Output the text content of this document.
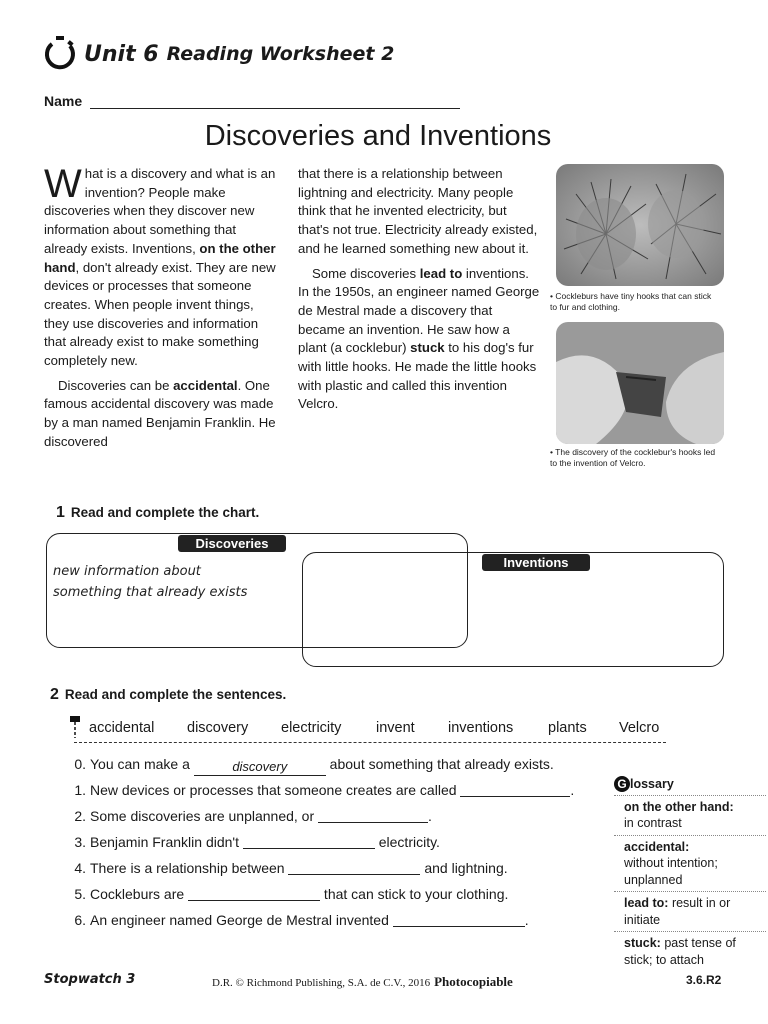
Unit 6 Reading Worksheet 2
Name
Discoveries and Inventions

What is a discovery and what is an invention? People make discoveries when they discover new information about something that already exists. Inventions, on the other hand, don't already exist. They are new devices or processes that someone creates. When people invent things, they use discoveries and information that already exist to make something completely new.

Discoveries can be accidental. One famous accidental discovery was made by a man named Benjamin Franklin. He discovered

that there is a relationship between lightning and electricity. Many people think that he invented electricity, but that's not true. Electricity already existed, and he learned something new about it.

Some discoveries lead to inventions. In the 1950s, an engineer named George de Mestral made a discovery that became an invention. He saw how a plant (a cocklebur) stuck to his dog's fur with little hooks. He made the little hooks with plastic and called this invention Velcro.

• Cockleburs have tiny hooks that can stick to fur and clothing.
• The discovery of the cocklebur's hooks led to the invention of Velcro.
1 Read and complete the chart.
Discoveries
Inventions
new information about something that already exists
2 Read and complete the sentences.
accidental discovery electricity invent inventions plants Velcro
0. You can make a	discovery	about something that already exists.
1. New devices or processes that someone creates are called	.
2. Some discoveries are unplanned, or	.
3. Benjamin Franklin didn't	electricity.
4. There is a relationship between	and lightning.
5. Cockleburs are	that can stick to your clothing.
6. An engineer named George de Mestral invented	.
G lossary
on the other hand:
in contrast
accidental:
without intention; unplanned
lead to: result in or initiate
stuck: past tense of stick; to attach
Stopwatch 3	D.R. © Richmond Publishing, S.A. de C.V., 2016 Photocopiable	3.6.R2
